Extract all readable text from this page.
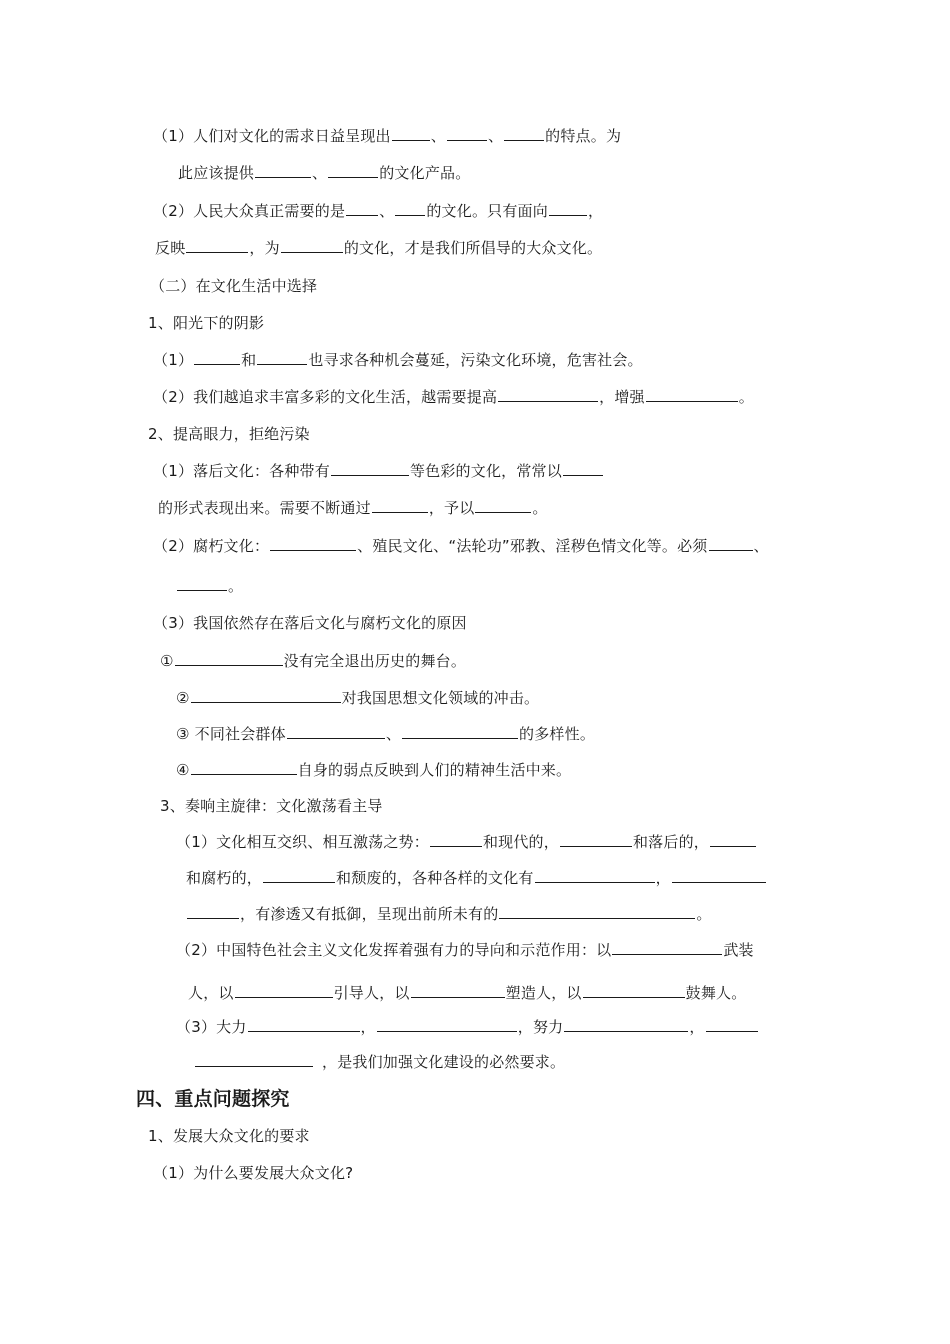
（1）人们对文化的需求日益呈现出	、	、	的特点。为
此应该提供	、	的文化产品。
（2）人民大众真正需要的是 、 的文化。只有面向	，
反映	，为	的文化，才是我们所倡导的大众文化。
（二）在文化生活中选择
1、阳光下的阴影
（1）	和	也寻求各种机会蔓延，污染文化环境，危害社会。
（2）我们越追求丰富多彩的文化生活，越需要提高	，增强	。
2、提高眼力，拒绝污染
（1）落后文化：各种带有	等色彩的文化，常常以
的形式表现出来。需要不断通过	，予以	。
（2）腐朽文化：	、殖民文化、“法轮功”邪教、淫秽色情文化等。必须	、
。
（3）我国依然存在落后文化与腐朽文化的原因
①	没有完全退出历史的舞台。
②	对我国思想文化领域的冲击。
③ 不同社会群体	、	的多样性。
④	自身的弱点反映到人们的精神生活中来。
3、奏响主旋律：文化激荡看主导
（1）文化相互交织、相互激荡之势：	和现代的，	和落后的，
和腐朽的，	和颓废的，各种各样的文化有	，
，有渗透又有抵御，呈现出前所未有的	。
（2）中国特色社会主义文化发挥着强有力的导向和示范作用：以	武装
人，以	引导人，以	塑造人，以	鼓舞人。
（3）大力	，	，努力	，
，是我们加强文化建设的必然要求。
四、重点问题探究
1、发展大众文化的要求
（1）为什么要发展大众文化?
